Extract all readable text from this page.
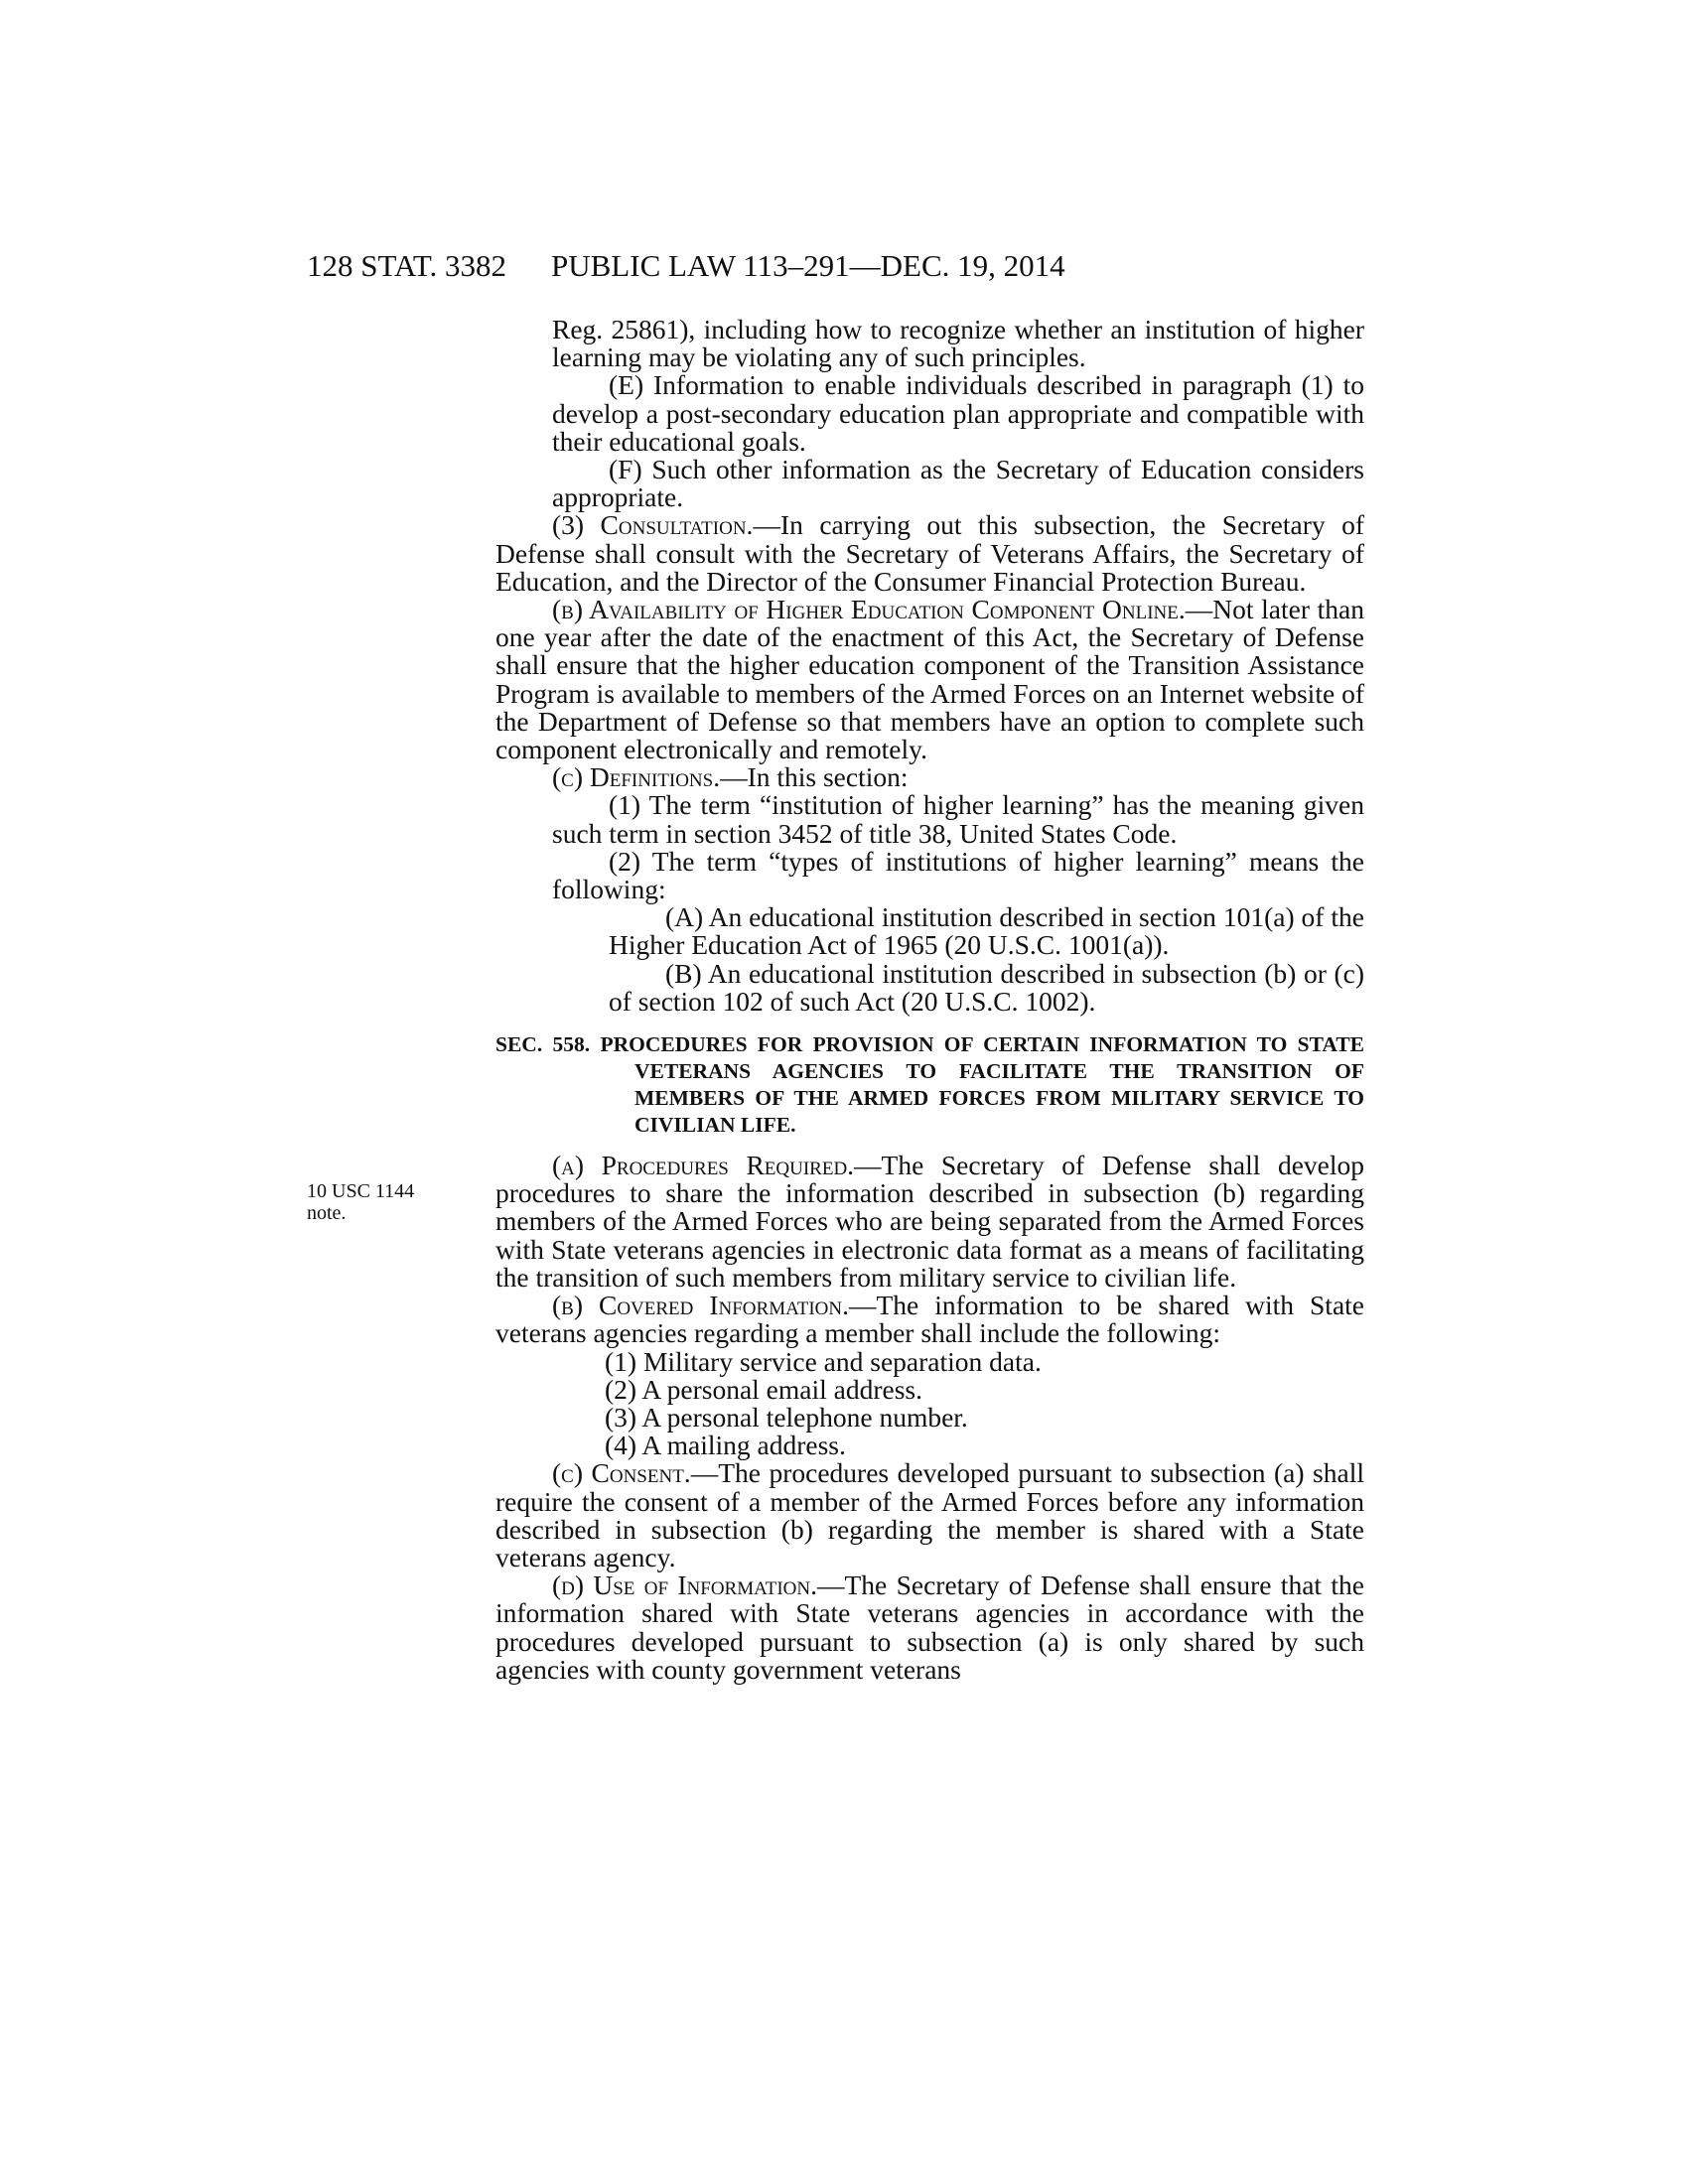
128 STAT. 3382 PUBLIC LAW 113–291—DEC. 19, 2014
10 USC 1144
note.

Reg. 25861), including how to recognize whether an institution of higher learning may be violating any of such principles.

(E) Information to enable individuals described in paragraph (1) to develop a post-secondary education plan appropriate and compatible with their educational goals.

(F) Such other information as the Secretary of Education considers appropriate.

(3) Consultation.—In carrying out this subsection, the Secretary of Defense shall consult with the Secretary of Veterans Affairs, the Secretary of Education, and the Director of the Consumer Financial Protection Bureau.

(b) Availability of Higher Education Component Online.—Not later than one year after the date of the enactment of this Act, the Secretary of Defense shall ensure that the higher education component of the Transition Assistance Program is available to members of the Armed Forces on an Internet website of the Department of Defense so that members have an option to complete such component electronically and remotely.

(c) Definitions.—In this section:

(1) The term “institution of higher learning” has the meaning given such term in section 3452 of title 38, United States Code.

(2) The term “types of institutions of higher learning” means the following:

(A) An educational institution described in section 101(a) of the Higher Education Act of 1965 (20 U.S.C. 1001(a)).

(B) An educational institution described in subsection (b) or (c) of section 102 of such Act (20 U.S.C. 1002).

SEC. 558. PROCEDURES FOR PROVISION OF CERTAIN INFORMATION TO STATE VETERANS AGENCIES TO FACILITATE THE TRANSITION OF MEMBERS OF THE ARMED FORCES FROM MILITARY SERVICE TO CIVILIAN LIFE.

(a) Procedures Required.—The Secretary of Defense shall develop procedures to share the information described in subsection (b) regarding members of the Armed Forces who are being separated from the Armed Forces with State veterans agencies in electronic data format as a means of facilitating the transition of such members from military service to civilian life.

(b) Covered Information.—The information to be shared with State veterans agencies regarding a member shall include the following:

(1) Military service and separation data.

(2) A personal email address.

(3) A personal telephone number.

(4) A mailing address.

(c) Consent.—The procedures developed pursuant to subsection (a) shall require the consent of a member of the Armed Forces before any information described in subsection (b) regarding the member is shared with a State veterans agency.

(d) Use of Information.—The Secretary of Defense shall ensure that the information shared with State veterans agencies in accordance with the procedures developed pursuant to subsection (a) is only shared by such agencies with county government veterans
